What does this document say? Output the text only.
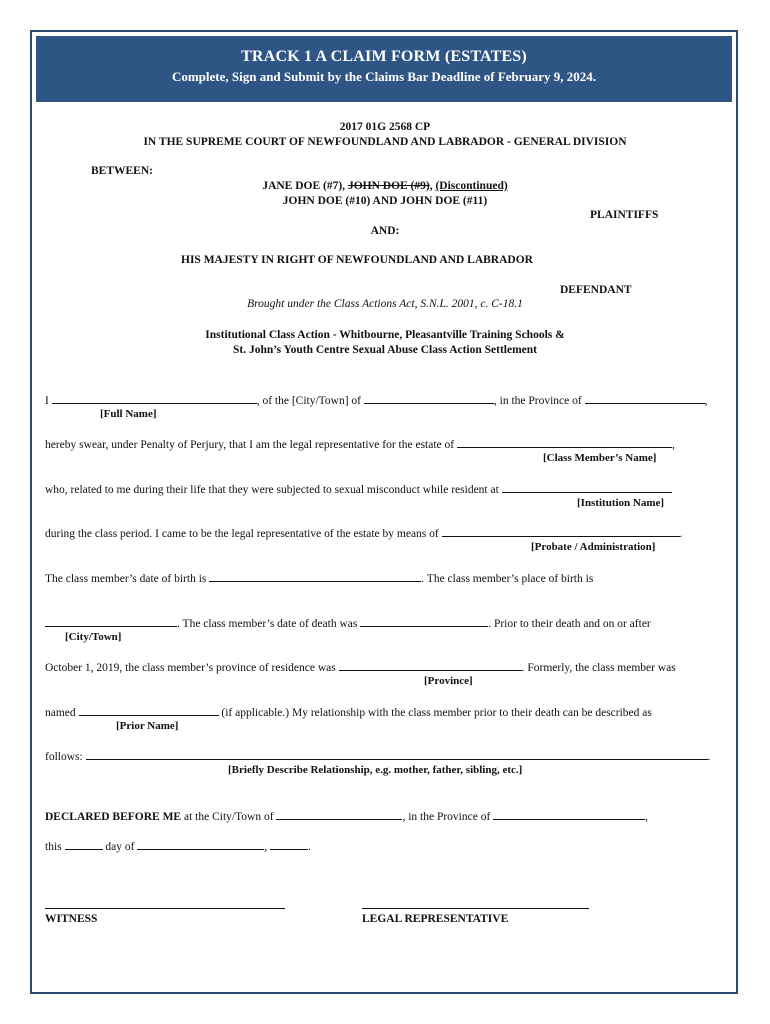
TRACK 1 A CLAIM FORM (ESTATES)
Complete, Sign and Submit by the Claims Bar Deadline of February 9, 2024.
2017 01G 2568 CP
IN THE SUPREME COURT OF NEWFOUNDLAND AND LABRADOR - GENERAL DIVISION
BETWEEN:
JANE DOE (#7), JOHN DOE (#9), (Discontinued)
JOHN DOE (#10) AND JOHN DOE (#11)
PLAINTIFFS
AND:
HIS MAJESTY IN RIGHT OF NEWFOUNDLAND AND LABRADOR
DEFENDANT
Brought under the Class Actions Act, S.N.L. 2001, c. C-18.1
Institutional Class Action - Whitbourne, Pleasantville Training Schools &
St. John’s Youth Centre Sexual Abuse Class Action Settlement
I	, of the [City/Town] of	, in the Province of	,
[Full Name]
hereby swear, under Penalty of Perjury, that I am the legal representative for the estate of	,
[Class Member’s Name]
who, related to me during their life that they were subjected to sexual misconduct while resident at
[Institution Name]
during the class period. I came to be the legal representative of the estate by means of	.
[Probate / Administration]
The class member’s date of birth is	. The class member’s place of birth is
. The class member’s date of death was	. Prior to their death and on or after
[City/Town]
October 1, 2019, the class member’s province of residence was	. Formerly, the class member was
[Province]
named	(if applicable.) My relationship with the class member prior to their death can be described as
[Prior Name]
follows:	.
[Briefly Describe Relationship, e.g. mother, father, sibling, etc.]
DECLARED BEFORE ME at the City/Town of	, in the Province of	,
this	day of	,	.
WITNESS	LEGAL REPRESENTATIVE
